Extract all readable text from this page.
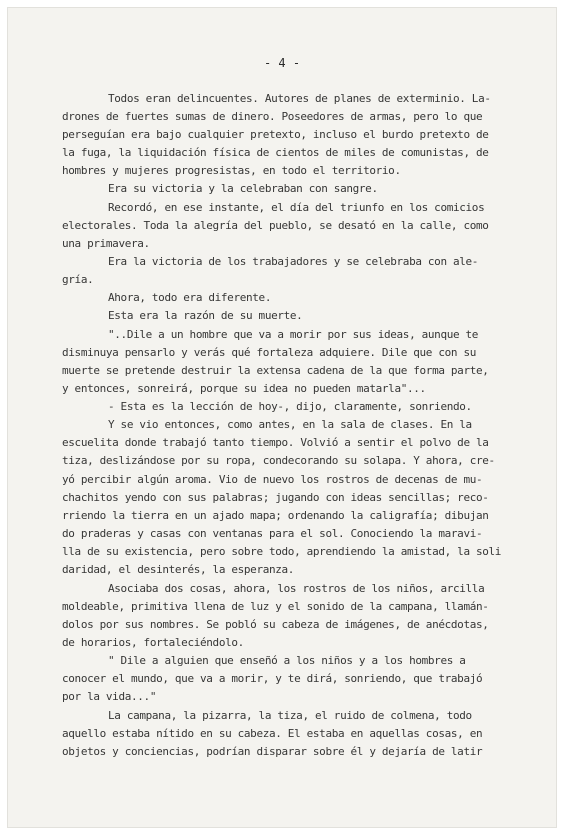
- 4 -
Todos eran delincuentes. Autores de planes de exterminio. La-
drones de fuertes sumas de dinero. Poseedores de armas, pero lo que
perseguían era bajo cualquier pretexto, incluso el burdo pretexto de
la fuga, la liquidación física de cientos de miles de comunistas, de
hombres y mujeres progresistas, en todo el territorio.
Era su victoria y la celebraban con sangre.
Recordó, en ese instante, el día del triunfo en los comicios
electorales. Toda la alegría del pueblo, se desató en la calle, como
una primavera.
Era la victoria de los trabajadores y se celebraba con ale-
gría.
Ahora, todo era diferente.
Esta era la razón de su muerte.
"..Dile a un hombre que va a morir por sus ideas, aunque te
disminuya pensarlo y verás qué fortaleza adquiere. Dile que con su
muerte se pretende destruir la extensa cadena de la que forma parte,
y entonces, sonreirá, porque su idea no pueden matarla"...
- Esta es la lección de hoy-, dijo, claramente, sonriendo.
Y se vio entonces, como antes, en la sala de clases. En la
escuelita donde trabajó tanto tiempo. Volvió a sentir el polvo de la
tiza, deslizándose por su ropa, condecorando su solapa. Y ahora, cre-
yó percibir algún aroma. Vio de nuevo los rostros de decenas de mu-
chachitos yendo con sus palabras; jugando con ideas sencillas; reco-
rriendo la tierra en un ajado mapa; ordenando la caligrafía; dibujan
do praderas y casas con ventanas para el sol. Conociendo la maravi-
lla de su existencia, pero sobre todo, aprendiendo la amistad, la soli
daridad, el desinterés, la esperanza.
Asociaba dos cosas, ahora, los rostros de los niños, arcilla
moldeable, primitiva llena de luz y el sonido de la campana, llamán-
dolos por sus nombres. Se pobló su cabeza de imágenes, de anécdotas,
de horarios, fortaleciéndolo.
" Dile a alguien que enseñó a los niños y a los hombres a
conocer el mundo, que va a morir, y te dirá, sonriendo, que trabajó
por la vida..."
La campana, la pizarra, la tiza, el ruido de colmena, todo
aquello estaba nítido en su cabeza. El estaba en aquellas cosas, en
objetos y conciencias, podrían disparar sobre él y dejaría de latir
